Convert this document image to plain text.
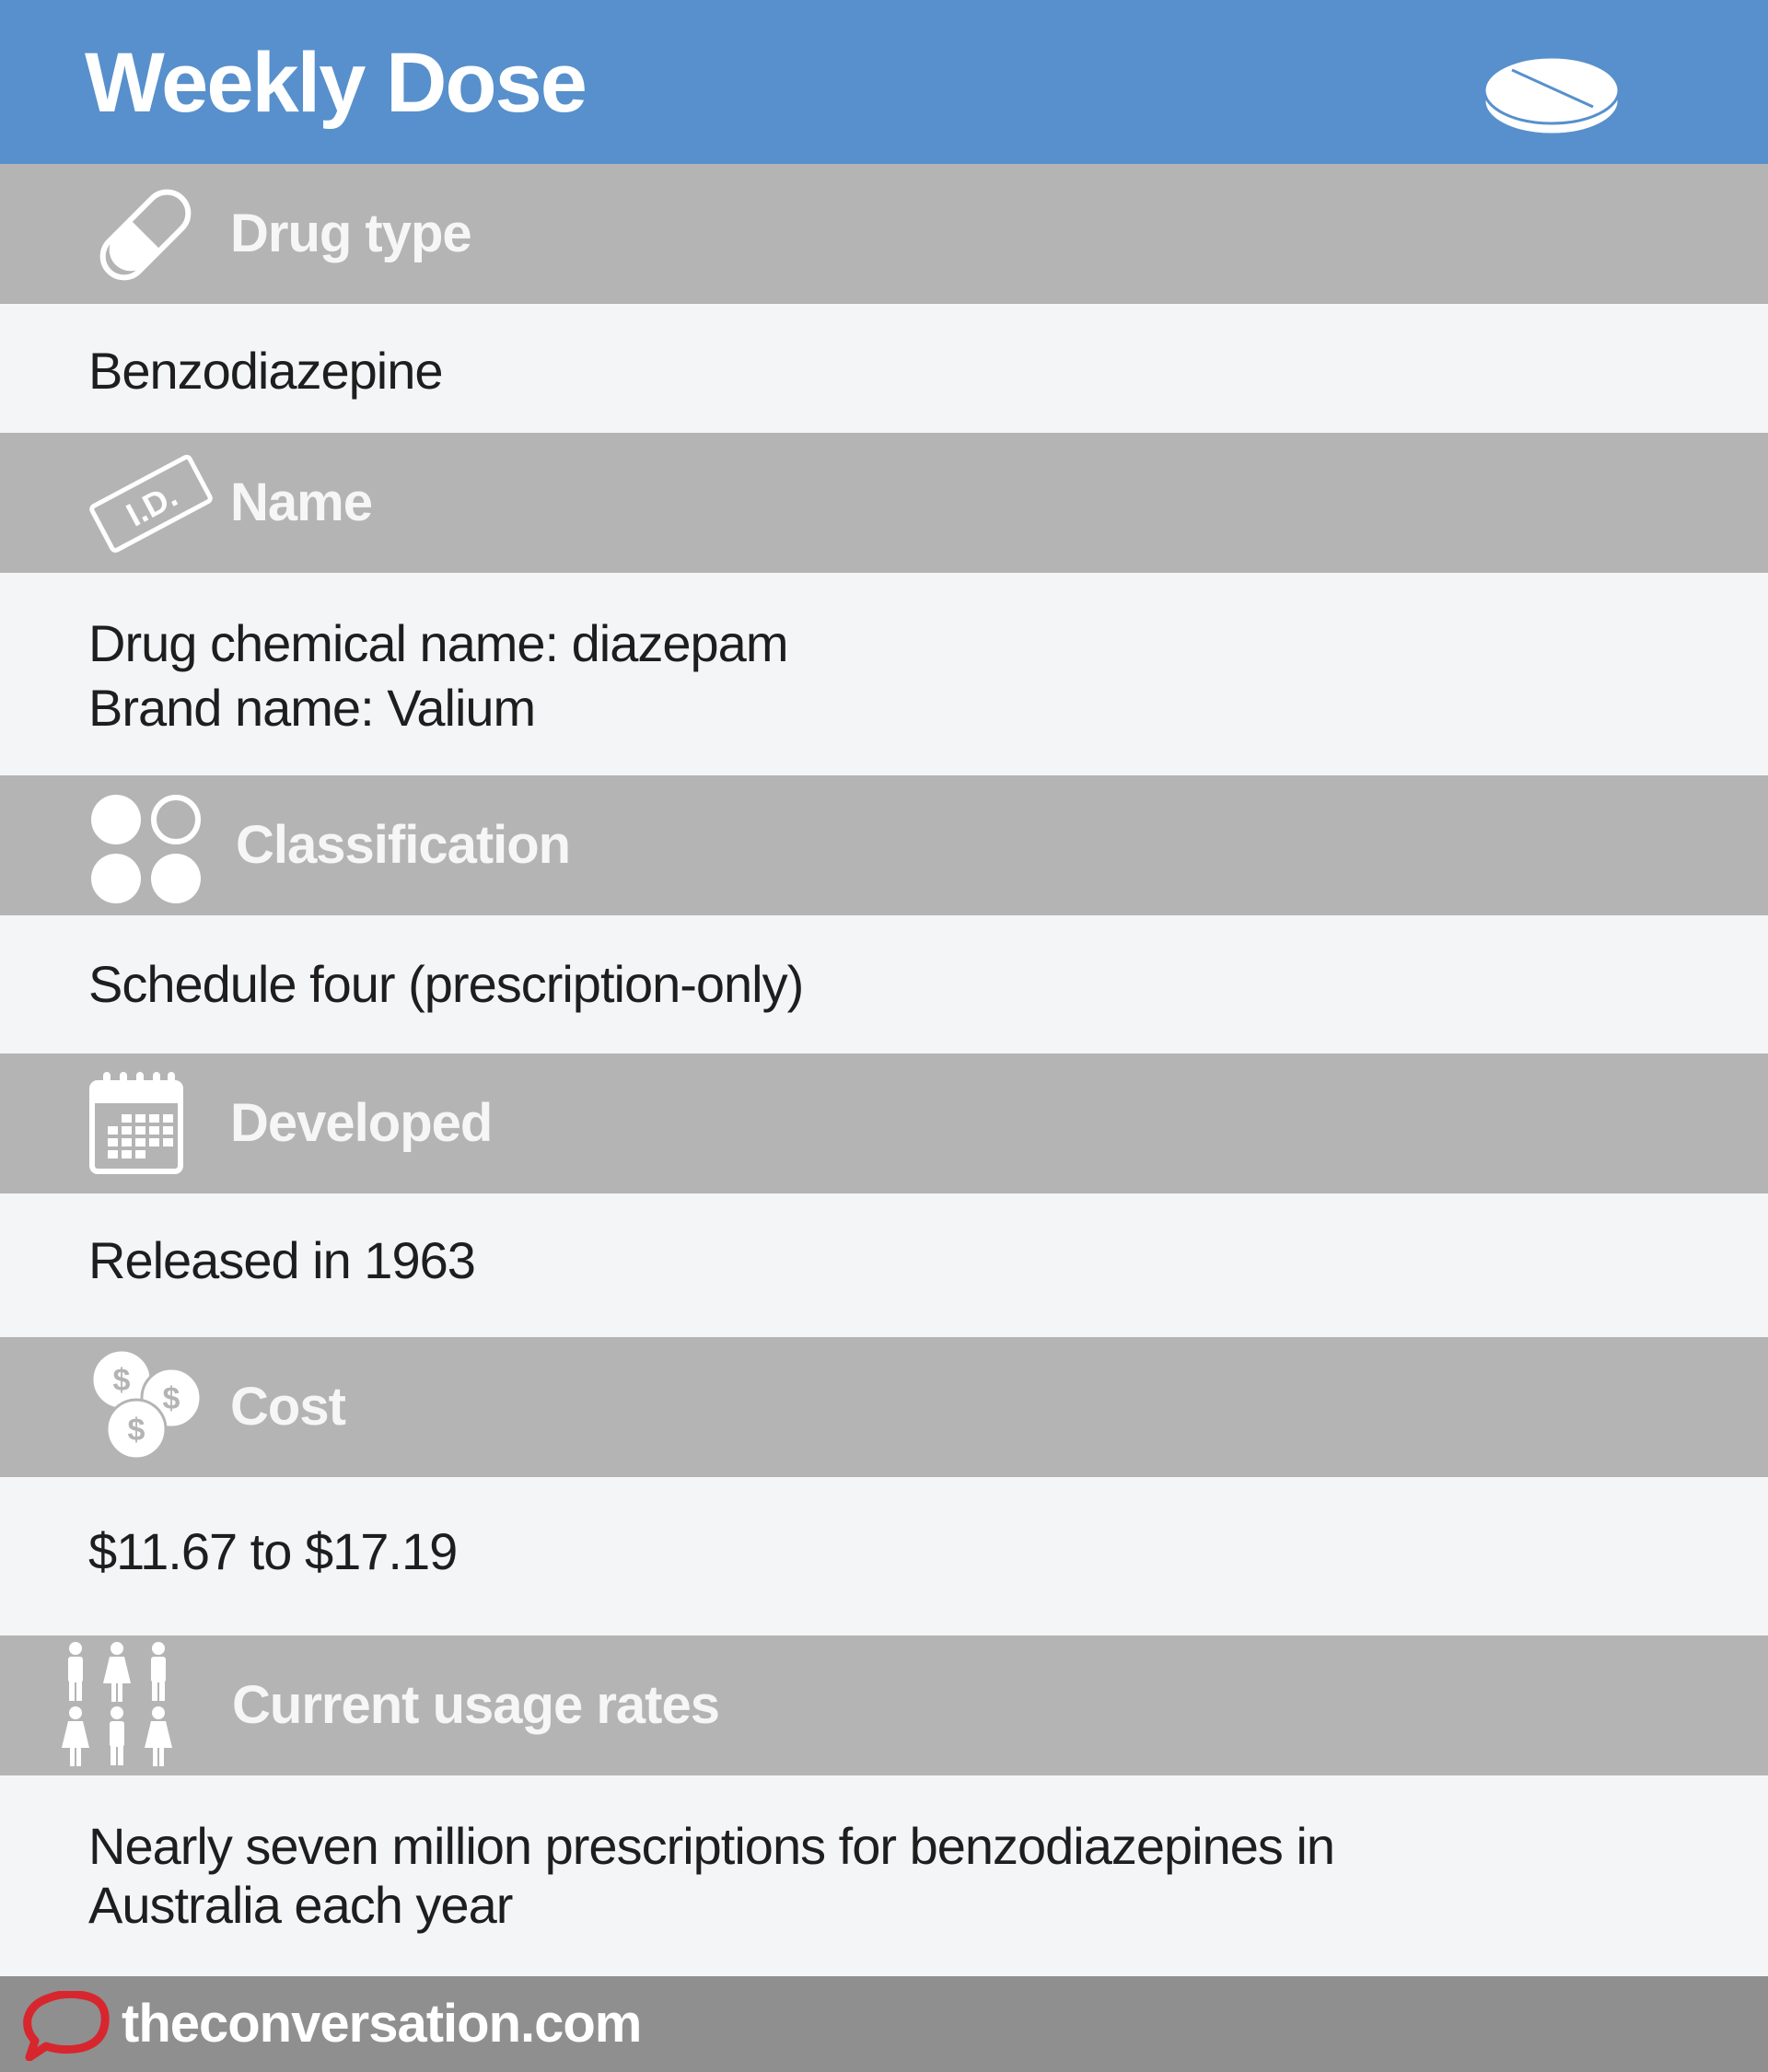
Weekly Dose
Drug type
Benzodiazepine
I.D. Name
Drug chemical name: diazepam
Brand name: Valium
Classification
Schedule four (prescription-only)
Developed
Released in 1963
$
$
$ Cost
$11.67 to $17.19
Current usage rates
Nearly seven million prescriptions for benzodiazepines in
Australia each year
theconversation.com
